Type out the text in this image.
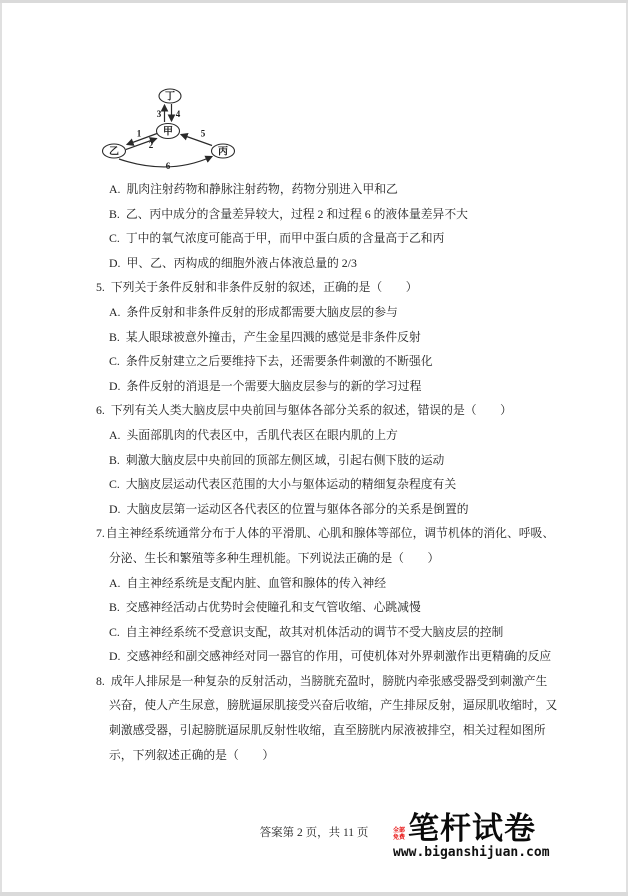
丁
甲
乙	丙
3 4
1
2
5
6
A. 肌肉注射药物和静脉注射药物，药物分别进入甲和乙
B. 乙、丙中成分的含量差异较大，过程 2 和过程 6 的液体量差异不大
C. 丁中的氧气浓度可能高于甲，而甲中蛋白质的含量高于乙和丙
D. 甲、乙、丙构成的细胞外液占体液总量的 2/3
5. 下列关于条件反射和非条件反射的叙述，正确的是（　　）
A. 条件反射和非条件反射的形成都需要大脑皮层的参与
B. 某人眼球被意外撞击，产生金星四溅的感觉是非条件反射
C. 条件反射建立之后要维持下去，还需要条件刺激的不断强化
D. 条件反射的消退是一个需要大脑皮层参与的新的学习过程
6. 下列有关人类大脑皮层中央前回与躯体各部分关系的叙述，错误的是（　　）
A. 头面部肌肉的代表区中，舌肌代表区在眼内肌的上方
B. 刺激大脑皮层中央前回的顶部左侧区域，引起右侧下肢的运动
C. 大脑皮层运动代表区范围的大小与躯体运动的精细复杂程度有关
D. 大脑皮层第一运动区各代表区的位置与躯体各部分的关系是倒置的
7.自主神经系统通常分布于人体的平滑肌、心肌和腺体等部位，调节机体的消化、呼吸、分泌、生长和繁殖等多种生理机能。下列说法正确的是（　　）
A. 自主神经系统是支配内脏、血管和腺体的传入神经
B. 交感神经活动占优势时会使瞳孔和支气管收缩、心跳减慢
C. 自主神经系统不受意识支配，故其对机体活动的调节不受大脑皮层的控制
D. 交感神经和副交感神经对同一器官的作用，可使机体对外界刺激作出更精确的反应
8. 成年人排尿是一种复杂的反射活动，当膀胱充盈时，膀胱内牵张感受器受到刺激产生兴奋，使人产生尿意，膀胱逼尿肌接受兴奋后收缩，产生排尿反射，逼尿肌收缩时，又刺激感受器，引起膀胱逼尿肌反射性收缩，直至膀胱内尿液被排空，相关过程如图所示，下列叙述正确的是（　　）
答案第 2 页，共 11 页	全部免费 笔杆试卷
www.biganshijuan.com
